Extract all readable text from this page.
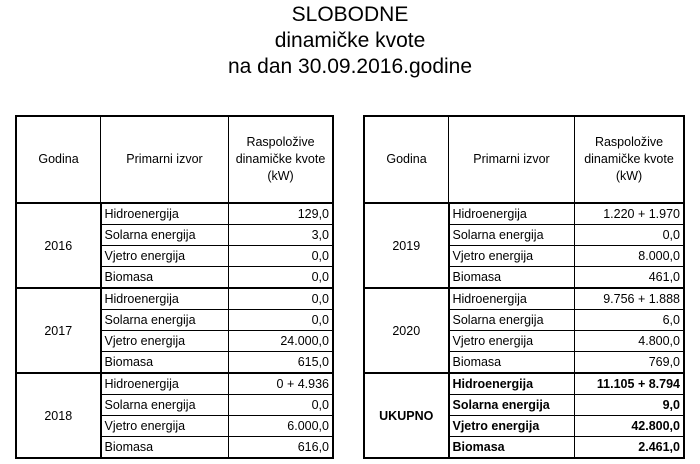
SLOBODNE
dinamičke kvote
na dan 30.09.2016.godine
Godina	Primarni izvor	Raspoložive dinamičke kvote (kW)
2016	Hidroenergija	129,0
	Solarna energija	3,0
	Vjetro energija	0,0
	Biomasa	0,0
2017	Hidroenergija	0,0
	Solarna energija	0,0
	Vjetro energija	24.000,0
	Biomasa	615,0
2018	Hidroenergija	0 + 4.936
	Solarna energija	0,0
	Vjetro energija	6.000,0
	Biomasa	616,0
Godina	Primarni izvor	Raspoložive dinamičke kvote (kW)
2019	Hidroenergija	1.220 + 1.970
	Solarna energija	0,0
	Vjetro energija	8.000,0
	Biomasa	461,0
2020	Hidroenergija	9.756 + 1.888
	Solarna energija	6,0
	Vjetro energija	4.800,0
	Biomasa	769,0
UKUPNO	Hidroenergija	11.105 + 8.794
	Solarna energija	9,0
	Vjetro energija	42.800,0
	Biomasa	2.461,0
